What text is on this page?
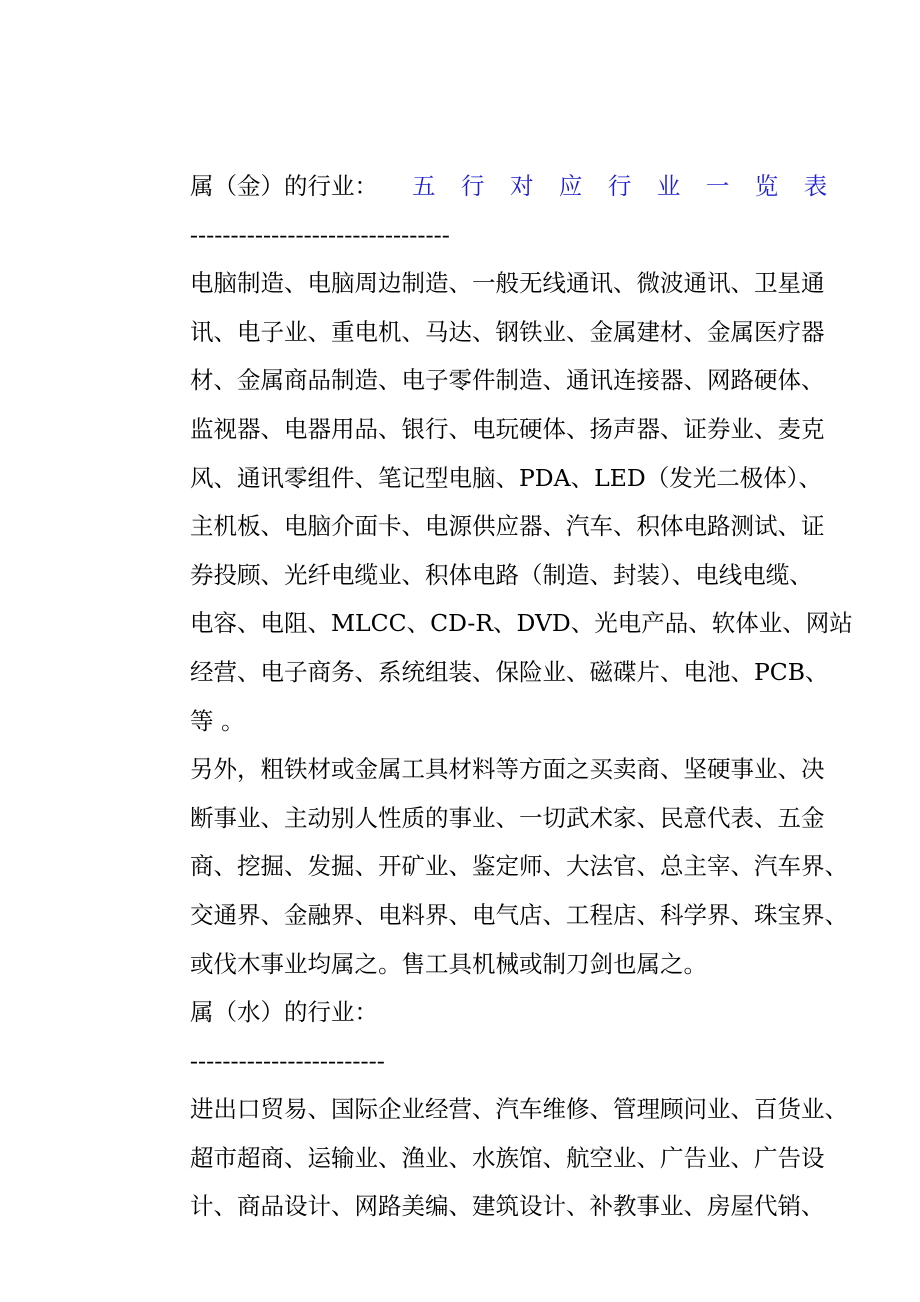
属（金）的行业： 五 行 对 应 行 业 一 览 表
--------------------------------
电脑制造、电脑周边制造、一般无线通讯、微波通讯、卫星通
讯、电子业、重电机、马达、钢铁业、金属建材、金属医疗器
材、金属商品制造、电子零件制造、通讯连接器、网路硬体、
监视器、电器用品、银行、电玩硬体、扬声器、证券业、麦克
风、通讯零组件、笔记型电脑、PDA、LED（发光二极体）、
主机板、电脑介面卡、电源供应器、汽车、积体电路测试、证
券投顾、光纤电缆业、积体电路（制造、封装）、电线电缆、
电容、电阻、MLCC、CD-R、DVD、光电产品、软体业、网站
经营、电子商务、系统组装、保险业、磁碟片、电池、PCB、
等 。
另外，粗铁材或金属工具材料等方面之买卖商、坚硬事业、决
断事业、主动别人性质的事业、一切武术家、民意代表、五金
商、挖掘、发掘、开矿业、鉴定师、大法官、总主宰、汽车界、
交通界、金融界、电料界、电气店、工程店、科学界、珠宝界、
或伐木事业均属之。售工具机械或制刀剑也属之。
属（水）的行业：
------------------------
进出口贸易、国际企业经营、汽车维修、管理顾问业、百货业、
超市超商、运输业、渔业、水族馆、航空业、广告业、广告设
计、商品设计、网路美编、建筑设计、补教事业、房屋代销、
